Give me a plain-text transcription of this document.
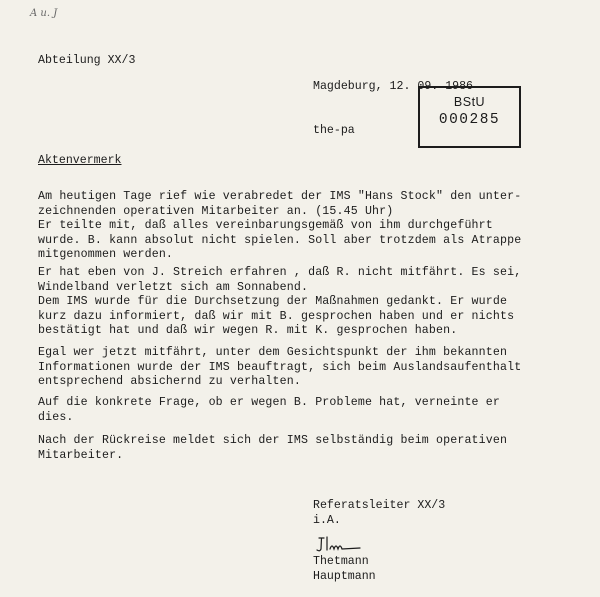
A u. J
Abteilung XX/3

Magdeburg, 12. 09. 1986

the-pa

BStU
000285
Aktenvermerk
Am heutigen Tage rief wie verabredet der IMS "Hans Stock" den unter-
zeichnenden operativen Mitarbeiter an. (15.45 Uhr)
Er teilte mit, daß alles vereinbarungsgemäß von ihm durchgeführt
wurde. B. kann absolut nicht spielen. Soll aber trotzdem als Atrappe
mitgenommen werden.
Er hat eben von J. Streich erfahren , daß R. nicht mitfährt. Es sei,
Windelband verletzt sich am Sonnabend.
Dem IMS wurde für die Durchsetzung der Maßnahmen gedankt. Er wurde
kurz dazu informiert, daß wir mit B. gesprochen haben und er nichts
bestätigt hat und daß wir wegen R. mit K. gesprochen haben.
Egal wer jetzt mitfährt, unter dem Gesichtspunkt der ihm bekannten
Informationen wurde der IMS beauftragt, sich beim Auslandsaufenthalt
entsprechend absichernd zu verhalten.
Auf die konkrete Frage, ob er wegen B. Probleme hat, verneinte er
dies.
Nach der Rückreise meldet sich der IMS selbständig beim operativen
Mitarbeiter.
Referatsleiter XX/3
i.A.
Thetmann
Hauptmann
